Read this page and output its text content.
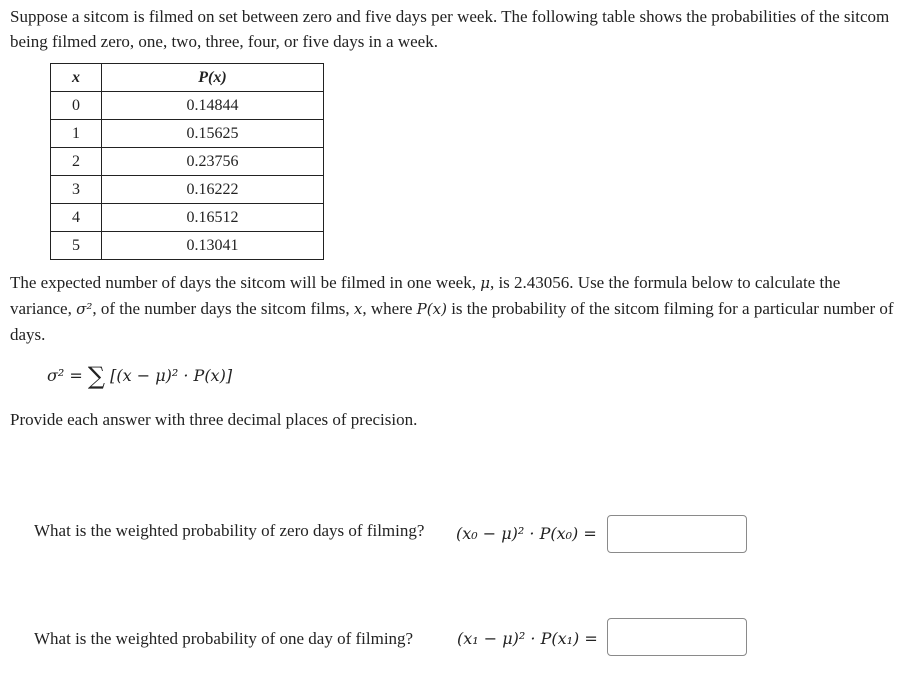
Suppose a sitcom is filmed on set between zero and five days per week. The following table shows the probabilities of the sitcom being filmed zero, one, two, three, four, or five days in a week.

x	P(x)
0	0.14844
1	0.15625
2	0.23756
3	0.16222
4	0.16512
5	0.13041

The expected number of days the sitcom will be filmed in one week, μ, is 2.43056. Use the formula below to calculate the variance, σ², of the number days the sitcom films, x, where P(x) is the probability of the sitcom filming for a particular number of days.

σ² = ∑ [(x − μ)² · P(x)]

Provide each answer with three decimal places of precision.

What is the weighted probability of zero days of filming? (x₀ − μ)² · P(x₀) =
What is the weighted probability of one day of filming?	(x₁ − μ)² · P(x₁) =
